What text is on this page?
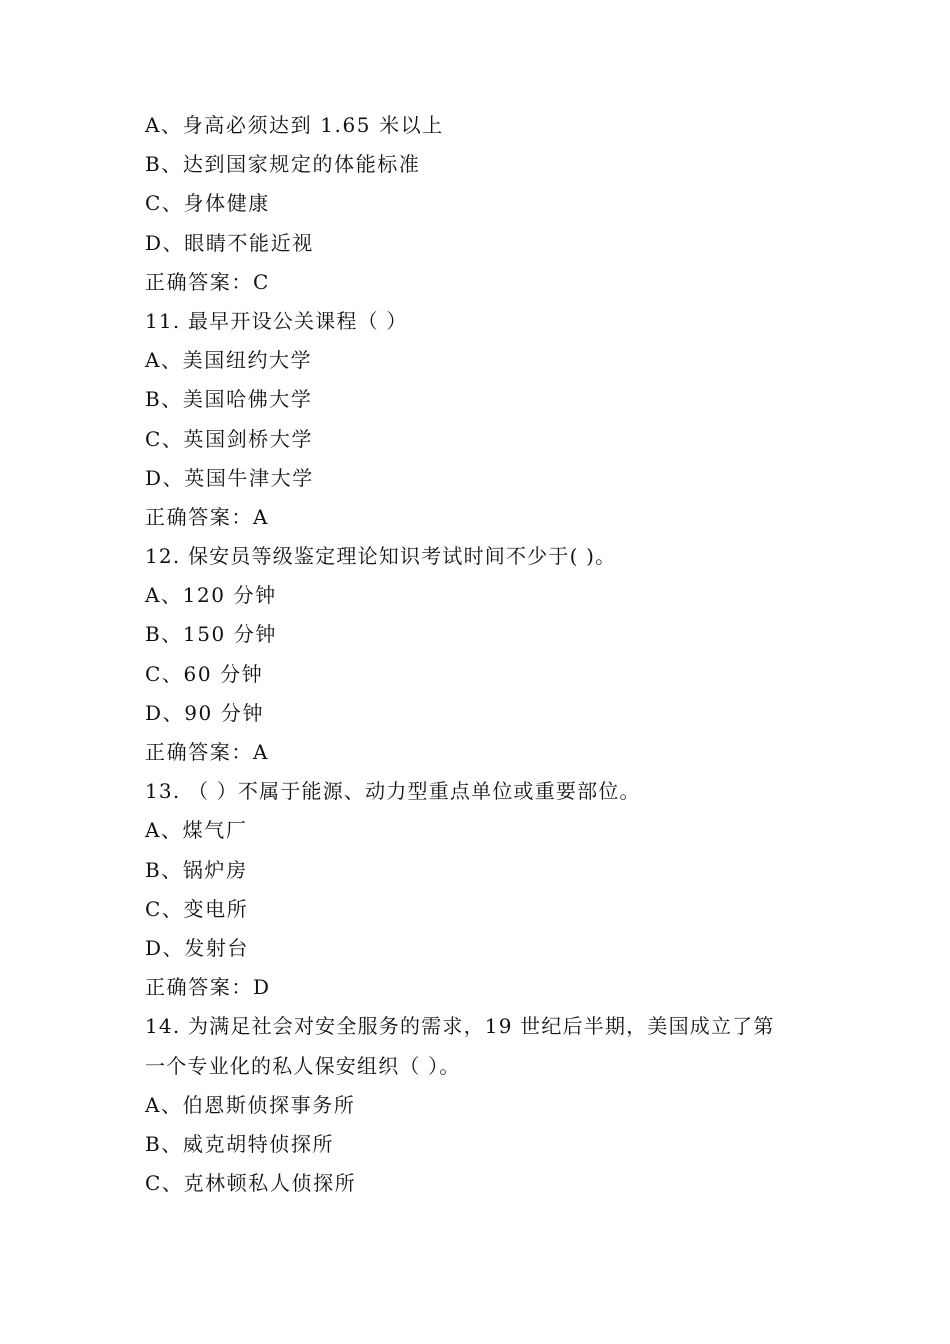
A、身高必须达到 1.65 米以上
B、达到国家规定的体能标准
C、身体健康
D、眼睛不能近视
正确答案：C
11. 最早开设公关课程（ ）
A、美国纽约大学
B、美国哈佛大学
C、英国剑桥大学
D、英国牛津大学
正确答案：A
12. 保安员等级鉴定理论知识考试时间不少于( )。
A、120 分钟
B、150 分钟
C、60 分钟
D、90 分钟
正确答案：A
13. （ ）不属于能源、动力型重点单位或重要部位。
A、煤气厂
B、锅炉房
C、变电所
D、发射台
正确答案：D
14. 为满足社会对安全服务的需求，19 世纪后半期，美国成立了第
一个专业化的私人保安组织（ ）。
A、伯恩斯侦探事务所
B、威克胡特侦探所
C、克林顿私人侦探所
